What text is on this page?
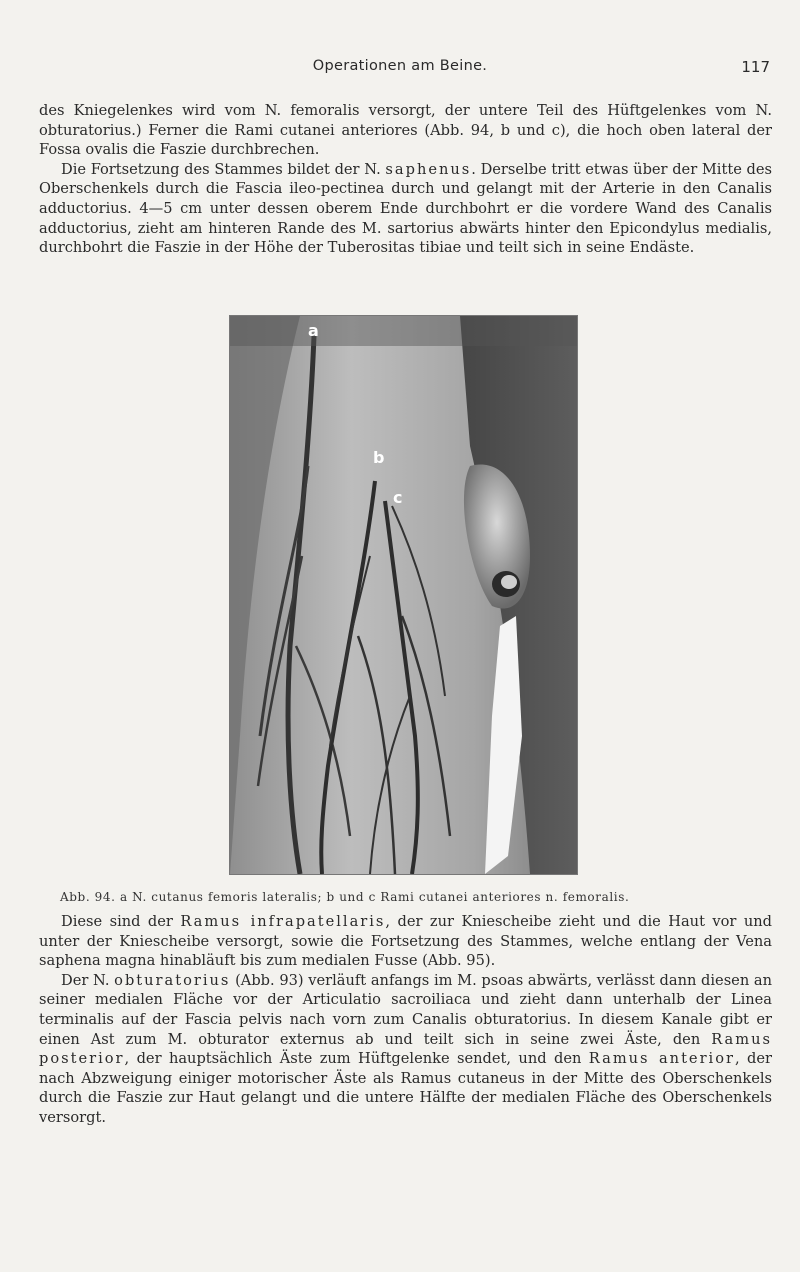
Operationen am Beine.	117

des Kniegelenkes wird vom N. femoralis versorgt, der untere Teil des Hüftgelenkes vom N. obturatorius.) Ferner die Rami cutanei anteriores (Abb. 94, b und c), die hoch oben lateral der Fossa ovalis die Faszie durchbrechen.

Die Fortsetzung des Stammes bildet der N. saphenus. Derselbe tritt etwas über der Mitte des Oberschenkels durch die Fascia ileo-pectinea durch und gelangt mit der Arterie in den Canalis adductorius. 4—5 cm unter dessen oberem Ende durchbohrt er die vordere Wand des Canalis adductorius, zieht am hinteren Rande des M. sartorius abwärts hinter den Epicondylus medialis, durchbohrt die Faszie in der Höhe der Tuberositas tibiae und teilt sich in seine Endäste.

a
b
c
Abb. 94. a N. cutanus femoris lateralis; b und c Rami cutanei anteriores n. femoralis.

Diese sind der Ramus infrapatellaris, der zur Kniescheibe zieht und die Haut vor und unter der Kniescheibe versorgt, sowie die Fortsetzung des Stammes, welche entlang der Vena saphena magna hinabläuft bis zum medialen Fusse (Abb. 95).

Der N. obturatorius (Abb. 93) verläuft anfangs im M. psoas abwärts, verlässt dann diesen an seiner medialen Fläche vor der Articulatio sacroiliaca und zieht dann unterhalb der Linea terminalis auf der Fascia pelvis nach vorn zum Canalis obturatorius. In diesem Kanale gibt er einen Ast zum M. obturator externus ab und teilt sich in seine zwei Äste, den Ramus posterior, der hauptsächlich Äste zum Hüftgelenke sendet, und den Ramus anterior, der nach Abzweigung einiger motorischer Äste als Ramus cutaneus in der Mitte des Oberschenkels durch die Faszie zur Haut gelangt und die untere Hälfte der medialen Fläche des Oberschenkels versorgt.
